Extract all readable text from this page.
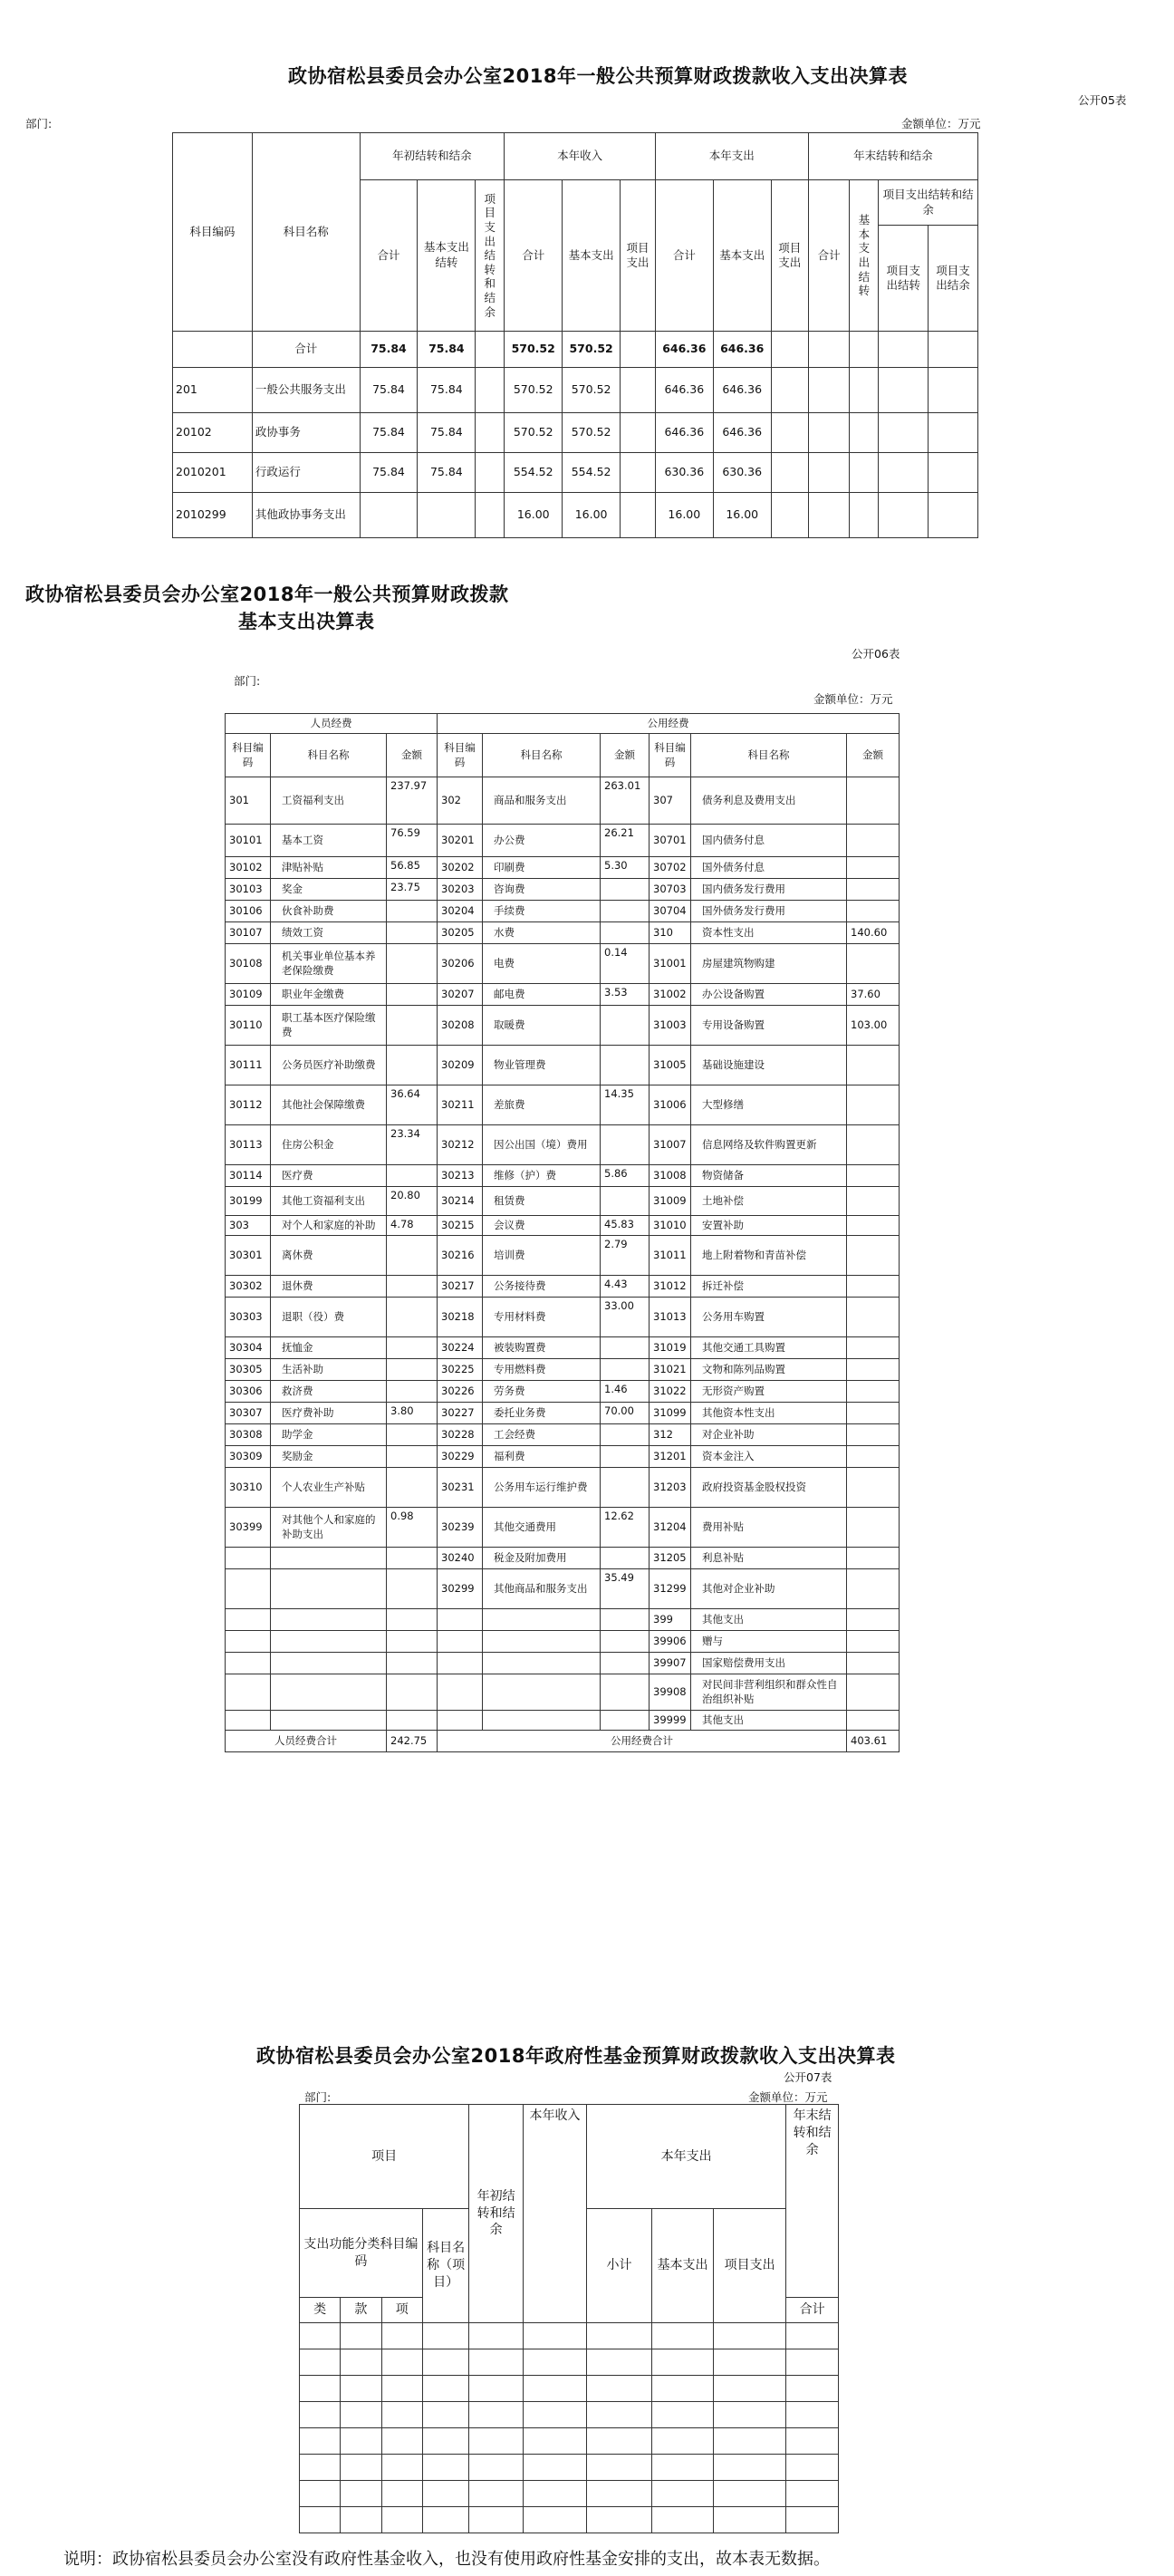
政协宿松县委员会办公室2018年一般公共预算财政拨款收入支出决算表
公开05表
部门:	金额单位：万元
科目编码	科目名称	年初结转和结余			本年收入			本年支出			年末结转和结余			
		合计	基本支出结转	项目支出结转和结余	合计	基本支出	项目支出	合计	基本支出	项目支出	合计	基本支出结转	项目支出结转和结余	
													项目支出结转	项目支出结余
	合计	75.84	75.84		570.52	570.52		646.36	646.36					
201	一般公共服务支出	75.84	75.84		570.52	570.52		646.36	646.36					
20102	政协事务	75.84	75.84		570.52	570.52		646.36	646.36					
2010201	行政运行	75.84	75.84		554.52	554.52		630.36	630.36					
2010299	其他政协事务支出				16.00	16.00		16.00	16.00					
政协宿松县委员会办公室2018年一般公共预算财政拨款
基本支出决算表
公开06表
部门:
金额单位：万元
人员经费			公用经费					
科目编码	科目名称	金额	科目编码	科目名称	金额	科目编码	科目名称	金额
301	工资福利支出	237.97	302	商品和服务支出	263.01	307	债务利息及费用支出	
30101	基本工资	76.59	30201	办公费	26.21	30701	国内债务付息	
30102	津贴补贴	56.85	30202	印刷费	5.30	30702	国外债务付息	
30103	奖金	23.75	30203	咨询费		30703	国内债务发行费用	
30106	伙食补助费		30204	手续费		30704	国外债务发行费用	
30107	绩效工资		30205	水费		310	资本性支出	140.60
30108	机关事业单位基本养老保险缴费		30206	电费	0.14	31001	房屋建筑物购建	
30109	职业年金缴费		30207	邮电费	3.53	31002	办公设备购置	37.60
30110	职工基本医疗保险缴费		30208	取暖费		31003	专用设备购置	103.00
30111	公务员医疗补助缴费		30209	物业管理费		31005	基础设施建设	
30112	其他社会保障缴费	36.64	30211	差旅费	14.35	31006	大型修缮	
30113	住房公积金	23.34	30212	因公出国（境）费用		31007	信息网络及软件购置更新	
30114	医疗费		30213	维修（护）费	5.86	31008	物资储备	
30199	其他工资福利支出	20.80	30214	租赁费		31009	土地补偿	
303	对个人和家庭的补助	4.78	30215	会议费	45.83	31010	安置补助	
30301	离休费		30216	培训费	2.79	31011	地上附着物和青苗补偿	
30302	退休费		30217	公务接待费	4.43	31012	拆迁补偿	
30303	退职（役）费		30218	专用材料费	33.00	31013	公务用车购置	
30304	抚恤金		30224	被装购置费		31019	其他交通工具购置	
30305	生活补助		30225	专用燃料费		31021	文物和陈列品购置	
30306	救济费		30226	劳务费	1.46	31022	无形资产购置	
30307	医疗费补助	3.80	30227	委托业务费	70.00	31099	其他资本性支出	
30308	助学金		30228	工会经费		312	对企业补助	
30309	奖励金		30229	福利费		31201	资本金注入	
30310	个人农业生产补贴		30231	公务用车运行维护费		31203	政府投资基金股权投资	
30399	对其他个人和家庭的补助支出	0.98	30239	其他交通费用	12.62	31204	费用补贴	
			30240	税金及附加费用		31205	利息补贴	
			30299	其他商品和服务支出	35.49	31299	其他对企业补助	
						399	其他支出	
						39906	赠与	
						39907	国家赔偿费用支出	
						39908	对民间非营利组织和群众性自治组织补贴	
						39999	其他支出	
人员经费合计		242.75	公用经费合计					403.61
政协宿松县委员会办公室2018年政府性基金预算财政拨款收入支出决算表
公开07表
部门:	金额单位：万元
项目				年初结转和结余	本年收入	本年支出			年末结转和结余
支出功能分类科目编码			科目名称（项目）			小计	基本支出	项目支出	
类	款	项							合计

说明：政协宿松县委员会办公室没有政府性基金收入，也没有使用政府性基金安排的支出，故本表无数据。
